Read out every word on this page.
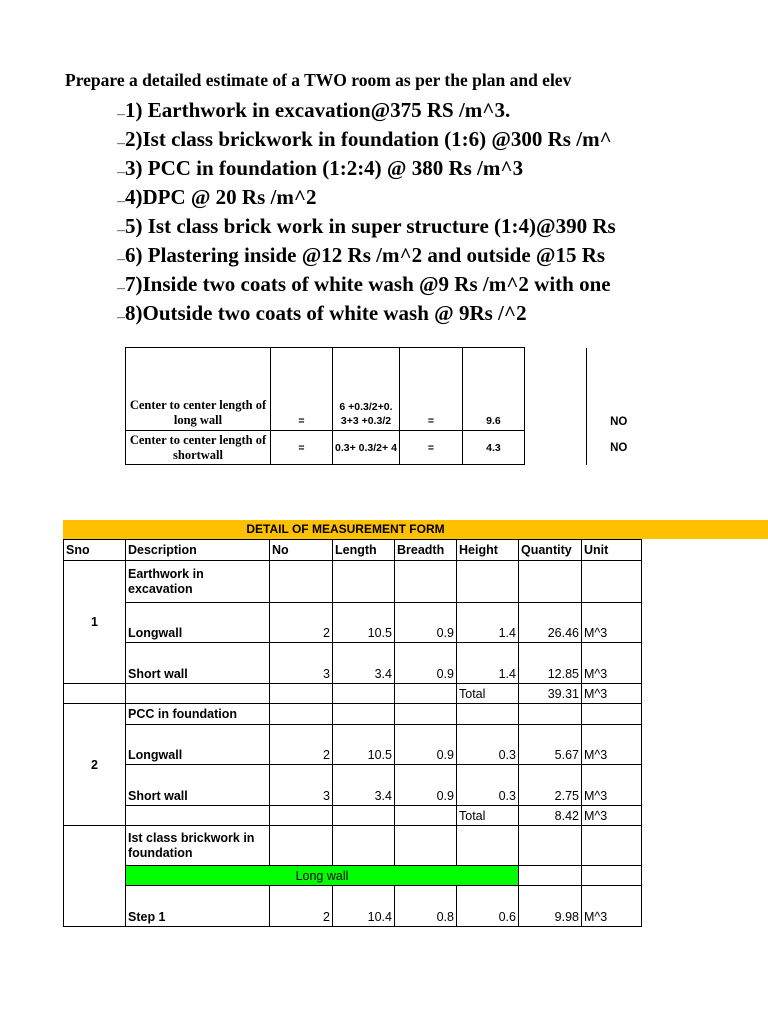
Prepare a detailed estimate of a TWO room as per the plan and elev
―1) Earthwork in excavation@375 RS /m^3.
―2)Ist class brickwork in foundation (1:6) @300 Rs /m^
―3) PCC in foundation (1:2:4) @ 380 Rs /m^3
―4)DPC @ 20 Rs /m^2
―5) Ist class brick work in super structure (1:4)@390 Rs
―6) Plastering inside @12 Rs /m^2 and outside @15 Rs
―7)Inside two coats of white wash @9 Rs /m^2 with one
―8)Outside two coats of white wash @ 9Rs /^2
Center to center length of long wall	=	6 +0.3/2+0. 3+3 +0.3/2	=	9.6		NO
Center to center length of shortwall	=	4 +0.3/2 +0.3	=	4.3		NO
DETAIL OF MEASUREMENT FORM
Sno	Description	No	Length	Breadth	Height	Quantity	Unit
1	Earthwork in excavation						
	Longwall	2	10.5	0.9	1.4	26.46	M^3
	Short wall	3	3.4	0.9	1.4	12.85	M^3
					Total	39.31	M^3
2	PCC in foundation						
	Longwall	2	10.5	0.9	0.3	5.67	M^3
	Short wall	3	3.4	0.9	0.3	2.75	M^3
					Total	8.42	M^3
	Ist class brickwork in foundation						
	Long wall						
	Step 1	2	10.4	0.8	0.6	9.98	M^3
